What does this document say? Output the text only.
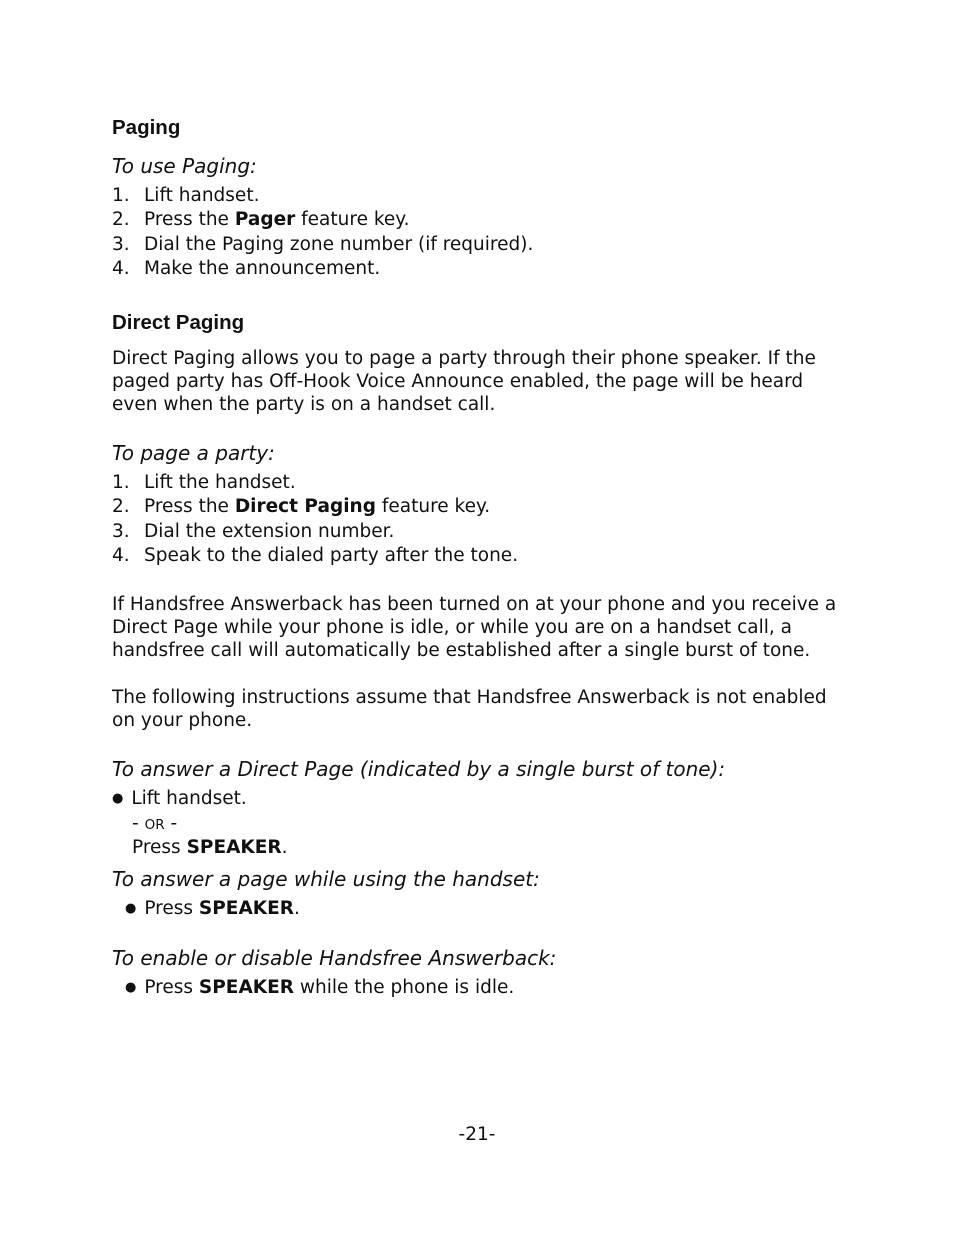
Paging
To use Paging:
1. Lift handset.
2. Press the Pager feature key.
3. Dial the Paging zone number (if required).
4. Make the announcement.
Direct Paging
Direct Paging allows you to page a party through their phone speaker. If the paged party has Off-Hook Voice Announce enabled, the page will be heard even when the party is on a handset call.
To page a party:
1. Lift the handset.
2. Press the Direct Paging feature key.
3. Dial the extension number.
4. Speak to the dialed party after the tone.
If Handsfree Answerback has been turned on at your phone and you receive a Direct Page while your phone is idle, or while you are on a handset call, a handsfree call will automatically be established after a single burst of tone.
The following instructions assume that Handsfree Answerback is not enabled on your phone.
To answer a Direct Page (indicated by a single burst of tone):
● Lift handset.
- OR -
Press SPEAKER.
To answer a page while using the handset:
● Press SPEAKER.
To enable or disable Handsfree Answerback:
● Press SPEAKER while the phone is idle.
-21-
